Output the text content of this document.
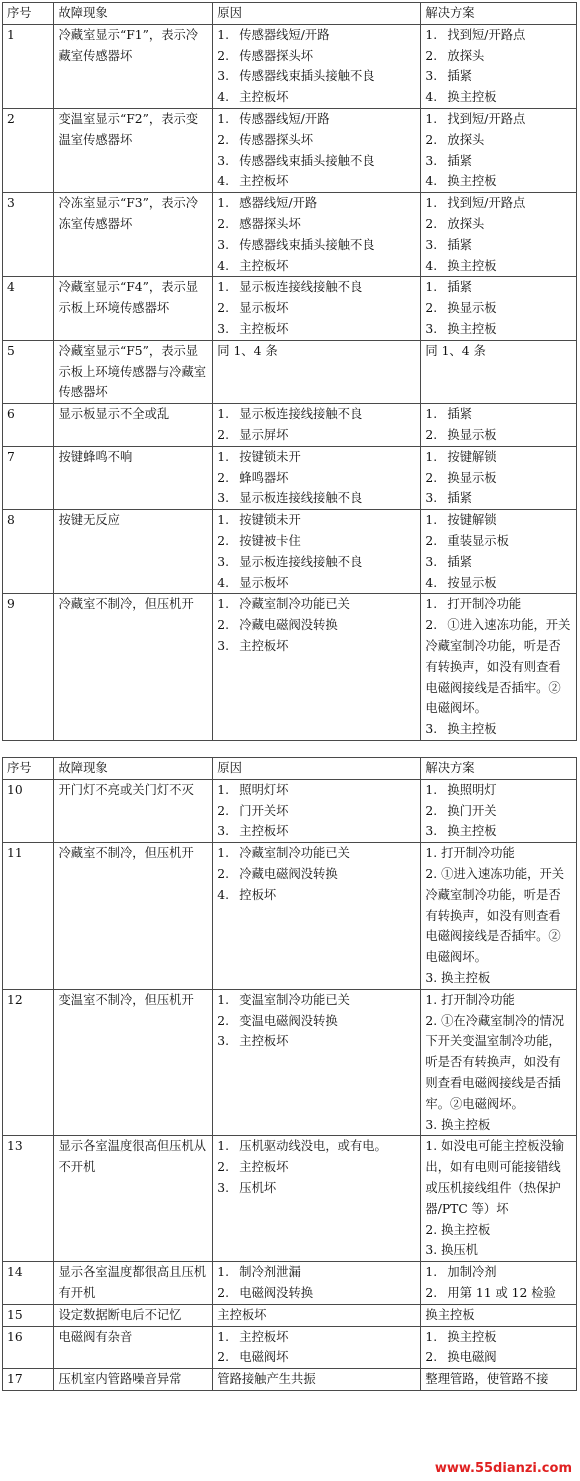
序号	故障现象	原因	解决方案
1	冷藏室显示“F1”，表示冷藏室传感器坏	1. 传感器线短/开路
2. 传感器探头坏
3. 传感器线束插头接触不良
4. 主控板坏	1. 找到短/开路点
2. 放探头
3. 插紧
4. 换主控板

2	变温室显示“F2”，表示变温室传感器坏	1. 传感器线短/开路
2. 传感器探头坏
3. 传感器线束插头接触不良
4. 主控板坏	1. 找到短/开路点
2. 放探头
3. 插紧
4. 换主控板

3	冷冻室显示“F3”，表示冷冻室传感器坏	1. 感器线短/开路
2. 感器探头坏
3. 传感器线束插头接触不良
4. 主控板坏	1. 找到短/开路点
2. 放探头
3. 插紧
4. 换主控板

4	冷藏室显示“F4”，表示显示板上环境传感器坏	1. 显示板连接线接触不良
2. 显示板坏
3. 主控板坏	1. 插紧
2. 换显示板
3. 换主控板

5	冷藏室显示“F5”，表示显示板上环境传感器与冷藏室传感器坏	同 1、4 条	同 1、4 条
6	显示板显示不全或乱	1. 显示板连接线接触不良
2. 显示屏坏	1. 插紧
2. 换显示板

7	按键蜂鸣不响	1. 按键锁未开
2. 蜂鸣器坏
3. 显示板连接线接触不良	1. 按键解锁
2. 换显示板
3. 插紧

8	按键无反应	1. 按键锁未开
2. 按键被卡住
3. 显示板连接线接触不良
4. 显示板坏	1. 按键解锁
2. 重装显示板
3. 插紧
4. 按显示板

9	冷藏室不制冷，但压机开	1. 冷藏室制冷功能已关
2. 冷藏电磁阀没转换
3. 主控板坏	1. 打开制冷功能
2. ①进入速冻功能，开关冷藏室制冷功能，听是否有转换声，如没有则查看电磁阀接线是否插牢。②电磁阀坏。
3. 换主控板
序号	故障现象	原因	解决方案
10	开门灯不亮或关门灯不灭	1. 照明灯坏
2. 门开关坏
3. 主控板坏	1. 换照明灯
2. 换门开关
3. 换主控板

11	冷藏室不制冷，但压机开	1. 冷藏室制冷功能已关
2. 冷藏电磁阀没转换
4. 控板坏	1. 打开制冷功能
2. ①进入速冻功能，开关冷藏室制冷功能，听是否有转换声，如没有则查看电磁阀接线是否插牢。②电磁阀坏。
3. 换主控板

12	变温室不制冷，但压机开	1. 变温室制冷功能已关
2. 变温电磁阀没转换
3. 主控板坏	1. 打开制冷功能
2. ①在冷藏室制冷的情况下开关变温室制冷功能，听是否有转换声，如没有则查看电磁阀接线是否插牢。②电磁阀坏。
3. 换主控板

13	显示各室温度很高但压机从不开机	1. 压机驱动线没电，或有电。
2. 主控板坏
3. 压机坏	1. 如没电可能主控板没输出，如有电则可能接错线或压机接线组件（热保护器/PTC 等）坏
2. 换主控板
3. 换压机

14	显示各室温度都很高且压机有开机	1. 制冷剂泄漏
2. 电磁阀没转换	1. 加制冷剂
2. 用第 11 或 12 检验

15	设定数据断电后不记忆	主控板坏	换主控板
16	电磁阀有杂音	1. 主控板坏
2. 电磁阀坏	1. 换主控板
2. 换电磁阀

17	压机室内管路噪音异常	管路接触产生共振	整理管路，使管路不接
www.55dianzi.com
